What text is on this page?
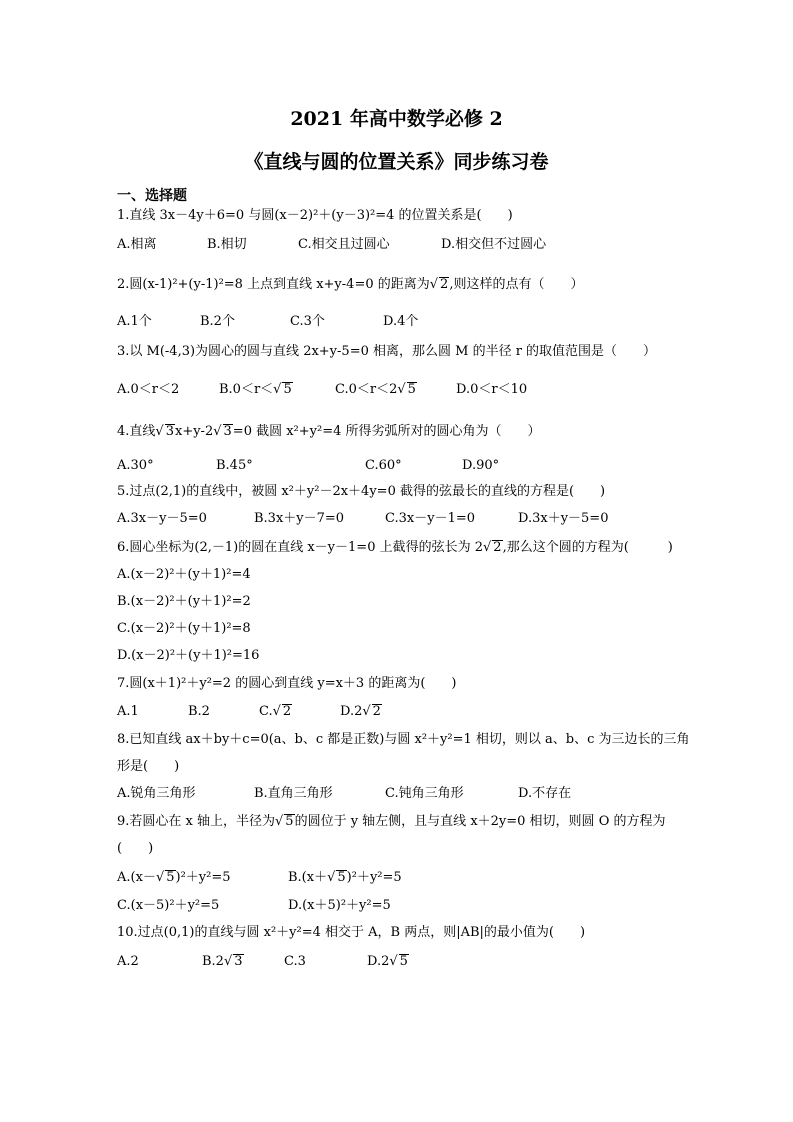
2021 年高中数学必修 2
《直线与圆的位置关系》同步练习卷
一、选择题
1.直线 3x－4y＋6=0 与圆(x－2)²＋(y－3)²=4 的位置关系是(　　)
A.相离	B.相切	C.相交且过圆心	D.相交但不过圆心
2.圆(x-1)²+(y-1)²=8 上点到直线 x+y-4=0 的距离为√ 2,则这样的点有（　　）
A.1个	B.2个	C.3个	D.4个
3.以 M(-4,3)为圆心的圆与直线 2x+y-5=0 相离，那么圆 M 的半径 r 的取值范围是（　　）
A.0＜r＜2	B.0＜r＜√ 5	C.0＜r＜2√ 5	D.0＜r＜10
4.直线√ 3x+y-2√ 3=0 截圆 x²+y²=4 所得劣弧所对的圆心角为（　　）
A.30°	B.45°	C.60°	D.90°
5.过点(2,1)的直线中，被圆 x²＋y²－2x＋4y=0 截得的弦最长的直线的方程是(　　)
A.3x－y－5=0	B.3x＋y－7=0	C.3x－y－1=0	D.3x＋y－5=0
6.圆心坐标为(2,－1)的圆在直线 x－y－1=0 上截得的弦长为 2√ 2,那么这个圆的方程为(　　　)
A.(x－2)²＋(y＋1)²=4
B.(x－2)²＋(y＋1)²=2
C.(x－2)²＋(y＋1)²=8
D.(x－2)²＋(y＋1)²=16
7.圆(x＋1)²＋y²=2 的圆心到直线 y=x＋3 的距离为(　　)
A.1	B.2	C.√ 2	D.2√ 2
8.已知直线 ax＋by＋c=0(a、b、c 都是正数)与圆 x²＋y²=1 相切，则以 a、b、c 为三边长的三角
形是(　　)
A.锐角三角形	B.直角三角形	C.钝角三角形	D.不存在
9.若圆心在 x 轴上，半径为√ 5的圆位于 y 轴左侧，且与直线 x＋2y=0 相切，则圆 O 的方程为
(　　)
A.(x－√ 5)²＋y²=5	B.(x＋√ 5)²＋y²=5
C.(x－5)²＋y²=5	D.(x＋5)²＋y²=5
10.过点(0,1)的直线与圆 x²＋y²=4 相交于 A，B 两点，则|AB|的最小值为(　　)
A.2	B.2√ 3	C.3	D.2√ 5
